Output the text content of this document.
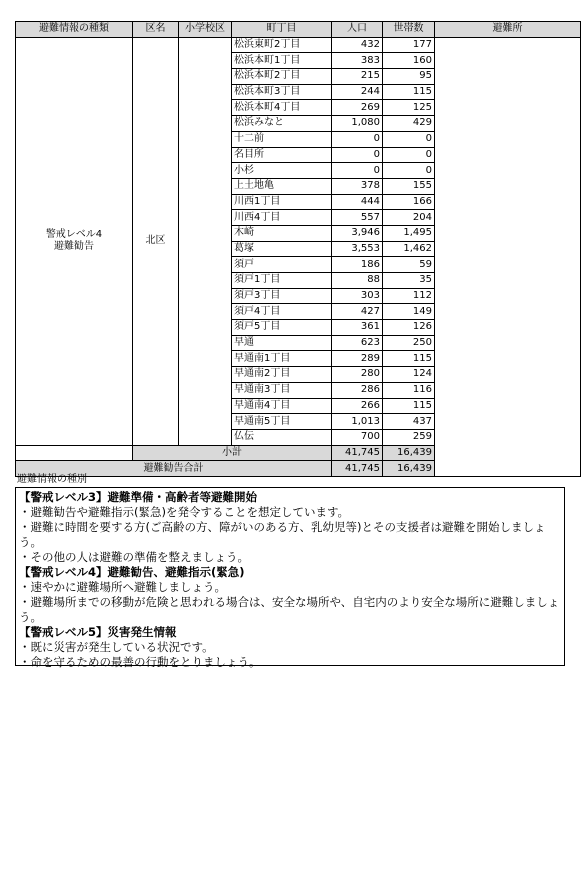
避難情報の種類	区名	小学校区	町丁目	人口	世帯数	避難所

警戒レベル4
避難勧告	北区		松浜東町2丁目	432	177	
			松浜本町1丁目	383	160	
			松浜本町2丁目	215	95	
			松浜本町3丁目	244	115	
			松浜本町4丁目	269	125	
			松浜みなと	1,080	429	
			十二前	0	0	
			名目所	0	0	
			小杉	0	0	
			上土地亀	378	155	
			川西1丁目	444	166	
			川西4丁目	557	204	
			木崎	3,946	1,495	
			葛塚	3,553	1,462	
			須戸	186	59	
			須戸1丁目	88	35	
			須戸3丁目	303	112	
			須戸4丁目	427	149	
			須戸5丁目	361	126	
			早通	623	250	
			早通南1丁目	289	115	
			早通南2丁目	280	124	
			早通南3丁目	286	116	
			早通南4丁目	266	115	
			早通南5丁目	1,013	437	
			仏伝	700	259	
	小計			41,745	16,439	
避難勧告合計				41,745	16,439	
避難情報の種別
【警戒レベル3】避難準備・高齢者等避難開始
・避難勧告や避難指示(緊急)を発令することを想定しています。
・避難に時間を要する方(ご高齢の方、障がいのある方、乳幼児等)とその支援者は避難を開始しましょう。
・その他の人は避難の準備を整えましょう。
【警戒レベル4】避難勧告、避難指示(緊急)
・速やかに避難場所へ避難しましょう。
・避難場所までの移動が危険と思われる場合は、安全な場所や、自宅内のより安全な場所に避難しましょう。
【警戒レベル5】災害発生情報
・既に災害が発生している状況です。
・命を守るための最善の行動をとりましょう。
